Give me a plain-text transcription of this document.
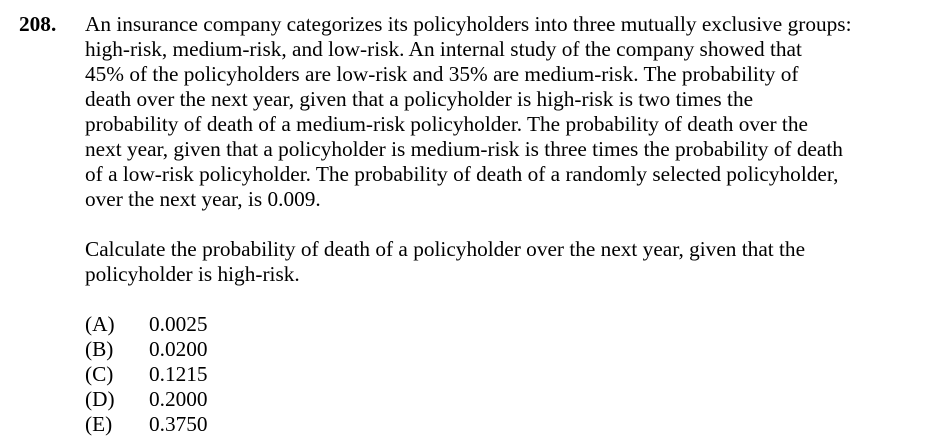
208. An insurance company categorizes its policyholders into three mutually exclusive groups:
high-risk, medium-risk, and low-risk. An internal study of the company showed that
45% of the policyholders are low-risk and 35% are medium-risk. The probability of
death over the next year, given that a policyholder is high-risk is two times the
probability of death of a medium-risk policyholder. The probability of death over the
next year, given that a policyholder is medium-risk is three times the probability of death
of a low-risk policyholder. The probability of death of a randomly selected policyholder,
over the next year, is 0.009.
Calculate the probability of death of a policyholder over the next year, given that the
policyholder is high-risk.
(A) 0.0025
(B) 0.0200
(C) 0.1215
(D) 0.2000
(E) 0.3750
